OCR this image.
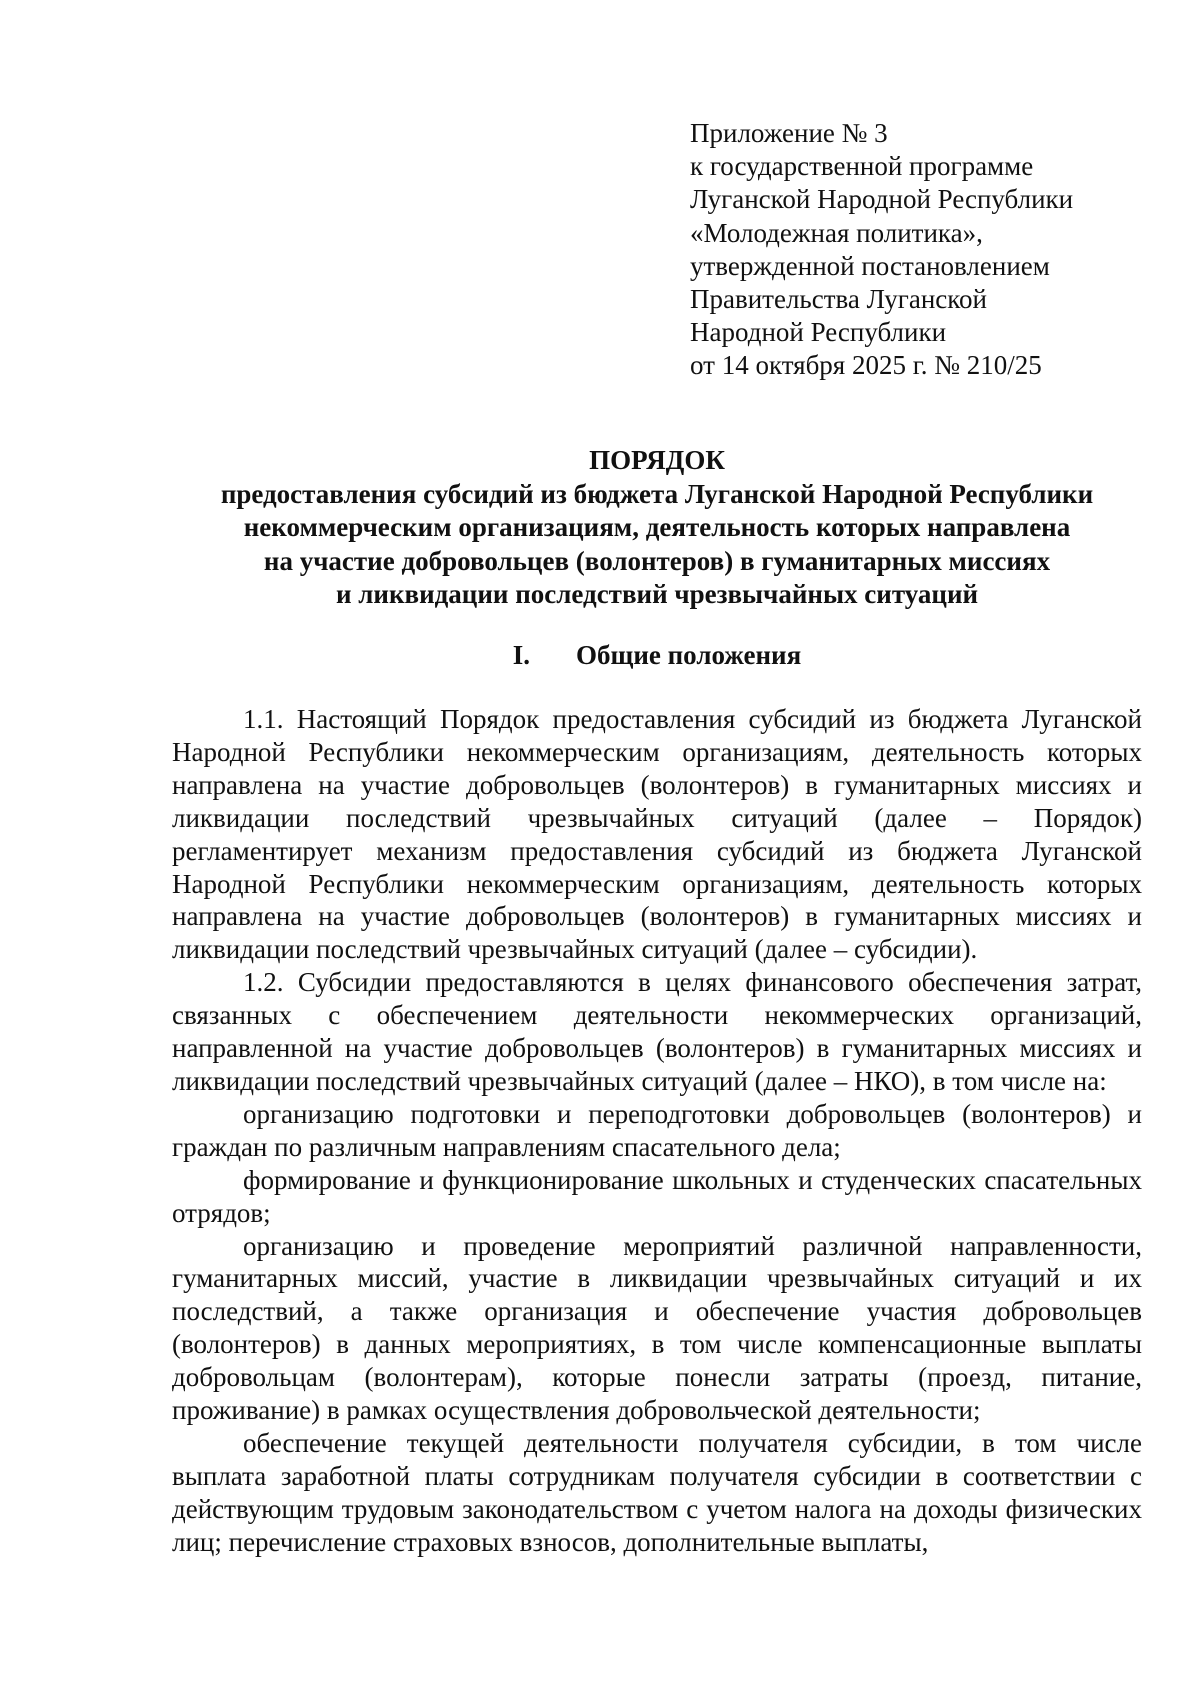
Приложение № 3
к государственной программе
Луганской Народной Республики
«Молодежная политика»,
утвержденной постановлением
Правительства Луганской
Народной Республики
от 14 октября 2025 г. № 210/25
ПОРЯДОК
предоставления субсидий из бюджета Луганской Народной Республики
некоммерческим организациям, деятельность которых направлена
на участие добровольцев (волонтеров) в гуманитарных миссиях
и ликвидации последствий чрезвычайных ситуаций
I. Общие положения

1.1. Настоящий Порядок предоставления субсидий из бюджета Луганской Народной Республики некоммерческим организациям, деятельность которых направлена на участие добровольцев (волонтеров) в гуманитарных миссиях и ликвидации последствий чрезвычайных ситуаций (далее – Порядок) регламентирует механизм предоставления субсидий из бюджета Луганской Народной Республики некоммерческим организациям, деятельность которых направлена на участие добровольцев (волонтеров) в гуманитарных миссиях и ликвидации последствий чрезвычайных ситуаций (далее – субсидии).

1.2. Субсидии предоставляются в целях финансового обеспечения затрат, связанных с обеспечением деятельности некоммерческих организаций, направленной на участие добровольцев (волонтеров) в гуманитарных миссиях и ликвидации последствий чрезвычайных ситуаций (далее – НКО), в том числе на:

организацию подготовки и переподготовки добровольцев (волонтеров) и граждан по различным направлениям спасательного дела;

формирование и функционирование школьных и студенческих спасательных отрядов;

организацию и проведение мероприятий различной направленности, гуманитарных миссий, участие в ликвидации чрезвычайных ситуаций и их последствий, а также организация и обеспечение участия добровольцев (волонтеров) в данных мероприятиях, в том числе компенсационные выплаты добровольцам (волонтерам), которые понесли затраты (проезд, питание, проживание) в рамках осуществления добровольческой деятельности;

обеспечение текущей деятельности получателя субсидии, в том числе выплата заработной платы сотрудникам получателя субсидии в соответствии с действующим трудовым законодательством с учетом налога на доходы физических лиц; перечисление страховых взносов, дополнительные выплаты,
